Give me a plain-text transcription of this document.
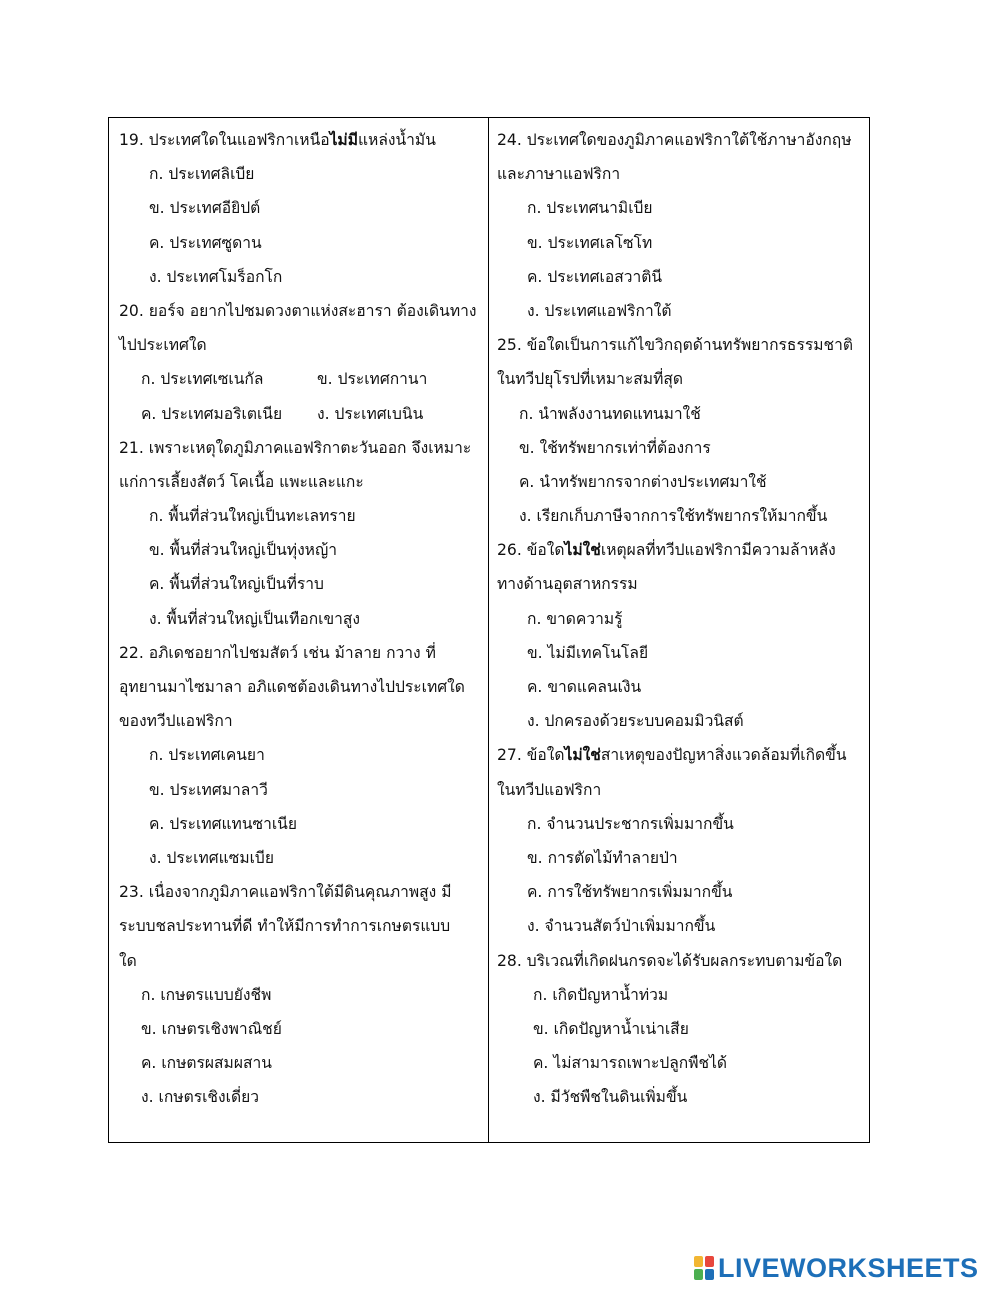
19. ประเทศใดในแอฟริกาเหนือไม่มีแหล่งน้ำมัน
ก. ประเทศลิเบีย
ข. ประเทศอียิปต์
ค. ประเทศซูดาน
ง. ประเทศโมร็อกโก
20. ยอร์จ อยากไปชมดวงตาแห่งสะฮารา ต้องเดินทาง
ไปประเทศใด
ก. ประเทศเซเนกัล	ข. ประเทศกานา
ค. ประเทศมอริเตเนีย	ง. ประเทศเบนิน
21. เพราะเหตุใดภูมิภาคแอฟริกาตะวันออก จึงเหมาะ
แก่การเลี้ยงสัตว์ โคเนื้อ แพะและแกะ
ก. พื้นที่ส่วนใหญ่เป็นทะเลทราย
ข. พื้นที่ส่วนใหญ่เป็นทุ่งหญ้า
ค. พื้นที่ส่วนใหญ่เป็นที่ราบ
ง. พื้นที่ส่วนใหญ่เป็นเทือกเขาสูง
22. อภิเดชอยากไปชมสัตว์ เช่น ม้าลาย กวาง ที่
อุทยานมาไซมาลา อภิแดชต้องเดินทางไปประเทศใด
ของทวีปแอฟริกา
ก. ประเทศเคนยา
ข. ประเทศมาลาวี
ค. ประเทศแทนซาเนีย
ง. ประเทศแซมเบีย
23. เนื่องจากภูมิภาคแอฟริกาใต้มีดินคุณภาพสูง มี
ระบบชลประทานที่ดี ทำให้มีการทำการเกษตรแบบ
ใด
ก. เกษตรแบบยังชีพ
ข. เกษตรเชิงพาณิชย์
ค. เกษตรผสมผสาน
ง. เกษตรเชิงเดี่ยว
24. ประเทศใดของภูมิภาคแอฟริกาใต้ใช้ภาษาอังกฤษ
และภาษาแอฟริกา
ก. ประเทศนามิเบีย
ข. ประเทศเลโซโท
ค. ประเทศเอสวาตินี
ง. ประเทศแอฟริกาใต้
25. ข้อใดเป็นการแก้ไขวิกฤตด้านทรัพยากรธรรมชาติ
ในทวีปยุโรปที่เหมาะสมที่สุด
ก. นำพลังงานทดแทนมาใช้
ข. ใช้ทรัพยากรเท่าที่ต้องการ
ค. นำทรัพยากรจากต่างประเทศมาใช้
ง. เรียกเก็บภาษีจากการใช้ทรัพยากรให้มากขึ้น
26. ข้อใดไม่ใช่เหตุผลที่ทวีปแอฟริกามีความล้าหลัง
ทางด้านอุตสาหกรรม
ก. ขาดความรู้
ข. ไม่มีเทคโนโลยี
ค. ขาดแคลนเงิน
ง. ปกครองด้วยระบบคอมมิวนิสต์
27. ข้อใดไม่ใช่สาเหตุของปัญหาสิ่งแวดล้อมที่เกิดขึ้น
ในทวีปแอฟริกา
ก. จำนวนประชากรเพิ่มมากขึ้น
ข. การตัดไม้ทำลายป่า
ค. การใช้ทรัพยากรเพิ่มมากขึ้น
ง. จำนวนสัตว์ป่าเพิ่มมากขึ้น
28. บริเวณที่เกิดฝนกรดจะได้รับผลกระทบตามข้อใด
ก. เกิดปัญหาน้ำท่วม
ข. เกิดปัญหาน้ำเน่าเสีย
ค. ไม่สามารถเพาะปลูกพืชได้
ง. มีวัชพืชในดินเพิ่มขึ้น
LIVEWORKSHEETS
